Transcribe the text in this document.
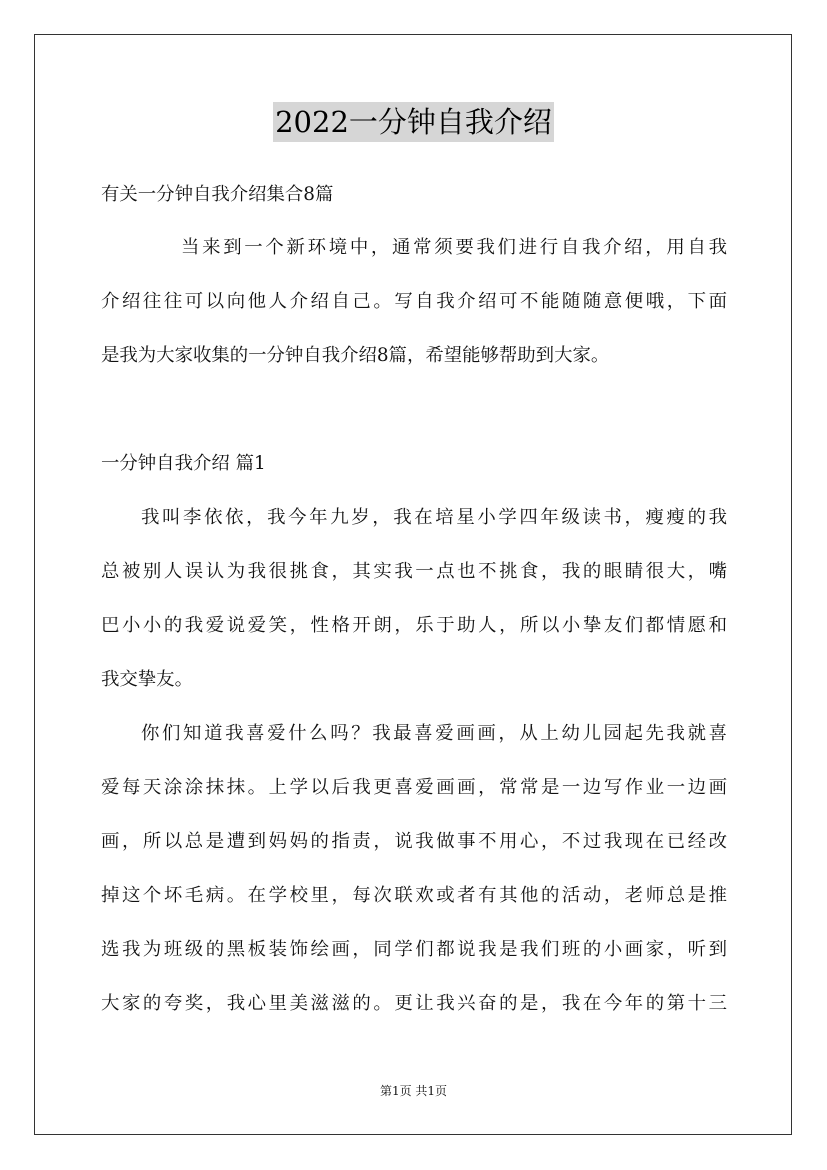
2022一分钟自我介绍
有关一分钟自我介绍集合8篇
当来到一个新环境中，通常须要我们进行自我介绍，用自我
介绍往往可以向他人介绍自己。写自我介绍可不能随随意便哦，下面
是我为大家收集的一分钟自我介绍8篇，希望能够帮助到大家。
一分钟自我介绍 篇1
我叫李依依，我今年九岁，我在培星小学四年级读书，瘦瘦的我
总被别人误认为我很挑食，其实我一点也不挑食，我的眼睛很大，嘴
巴小小的我爱说爱笑，性格开朗，乐于助人，所以小挚友们都情愿和
我交挚友。
你们知道我喜爱什么吗？我最喜爱画画，从上幼儿园起先我就喜
爱每天涂涂抹抹。上学以后我更喜爱画画，常常是一边写作业一边画
画，所以总是遭到妈妈的指责，说我做事不用心，不过我现在已经改
掉这个坏毛病。在学校里，每次联欢或者有其他的活动，老师总是推
选我为班级的黑板装饰绘画，同学们都说我是我们班的小画家，听到
大家的夸奖，我心里美滋滋的。更让我兴奋的是，我在今年的第十三
第1页 共1页
